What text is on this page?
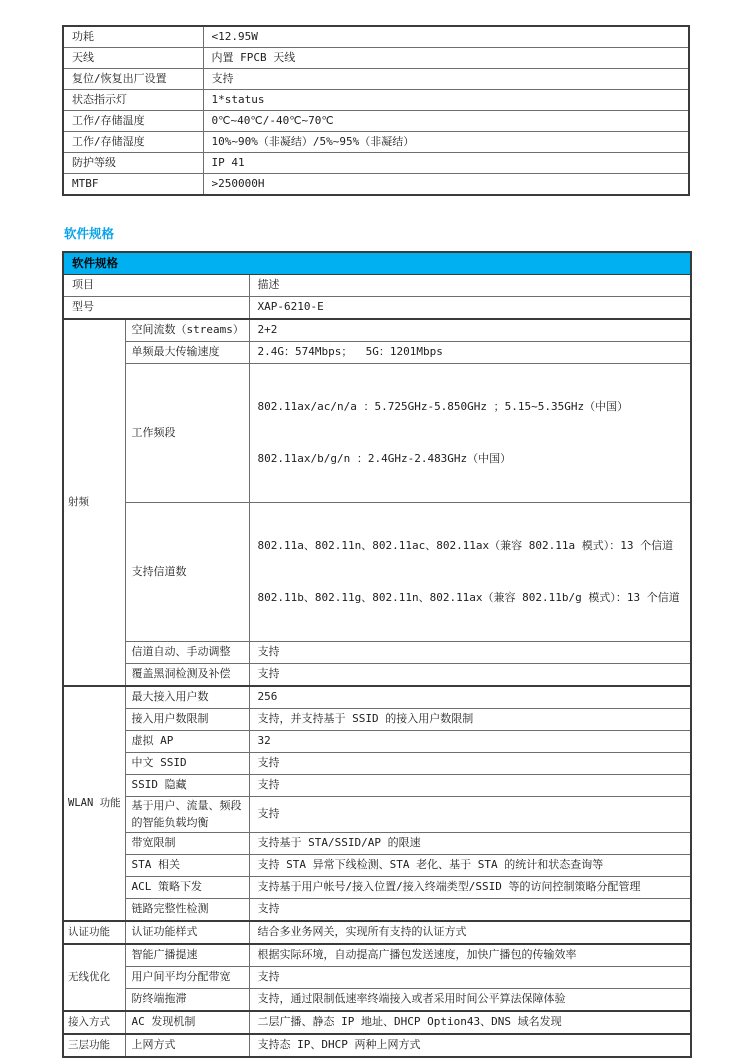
功耗	<12.95W
天线	内置 FPCB 天线
复位/恢复出厂设置	支持
状态指示灯	1*status
工作/存储温度	0℃~40℃/-40℃~70℃
工作/存储湿度	10%~90%（非凝结）/5%~95%（非凝结）
防护等级	IP 41
MTBF	>250000H
软件规格
软件规格		
项目		描述
型号		XAP-6210-E
射频	空间流数（streams）	2+2
	单频最大传输速度	2.4G：574Mbps；  5G：1201Mbps
	工作频段	802.11ax/ac/n/a ：5.725GHz-5.850GHz ；5.15~5.35GHz（中国）

802.11ax/b/g/n ：2.4GHz-2.483GHz（中国）

	支持信道数	802.11a、802.11n、802.11ac、802.11ax（兼容 802.11a 模式）：13 个信道

802.11b、802.11g、802.11n、802.11ax（兼容 802.11b/g 模式）：13 个信道

	信道自动、手动调整	支持
	覆盖黑洞检测及补偿	支持
WLAN 功能	最大接入用户数	256
	接入用户数限制	支持，并支持基于 SSID 的接入用户数限制
	虚拟 AP	32
	中文 SSID	支持
	SSID 隐藏	支持
	基于用户、流量、频段的智能负载均衡	支持
	带宽限制	支持基于 STA/SSID/AP 的限速
	STA 相关	支持 STA 异常下线检测、STA 老化、基于 STA 的统计和状态查询等
	ACL 策略下发	支持基于用户帐号/接入位置/接入终端类型/SSID 等的访问控制策略分配管理
	链路完整性检测	支持
认证功能	认证功能样式	结合多业务网关，实现所有支持的认证方式
无线优化	智能广播提速	根据实际环境，自动提高广播包发送速度，加快广播包的传输效率
	用户间平均分配带宽	支持
	防终端拖滞	支持，通过限制低速率终端接入或者采用时间公平算法保障体验
接入方式	AC 发现机制	二层广播、静态 IP 地址、DHCP Option43、DNS 域名发现
三层功能	上网方式	支持态 IP、DHCP 两种上网方式
